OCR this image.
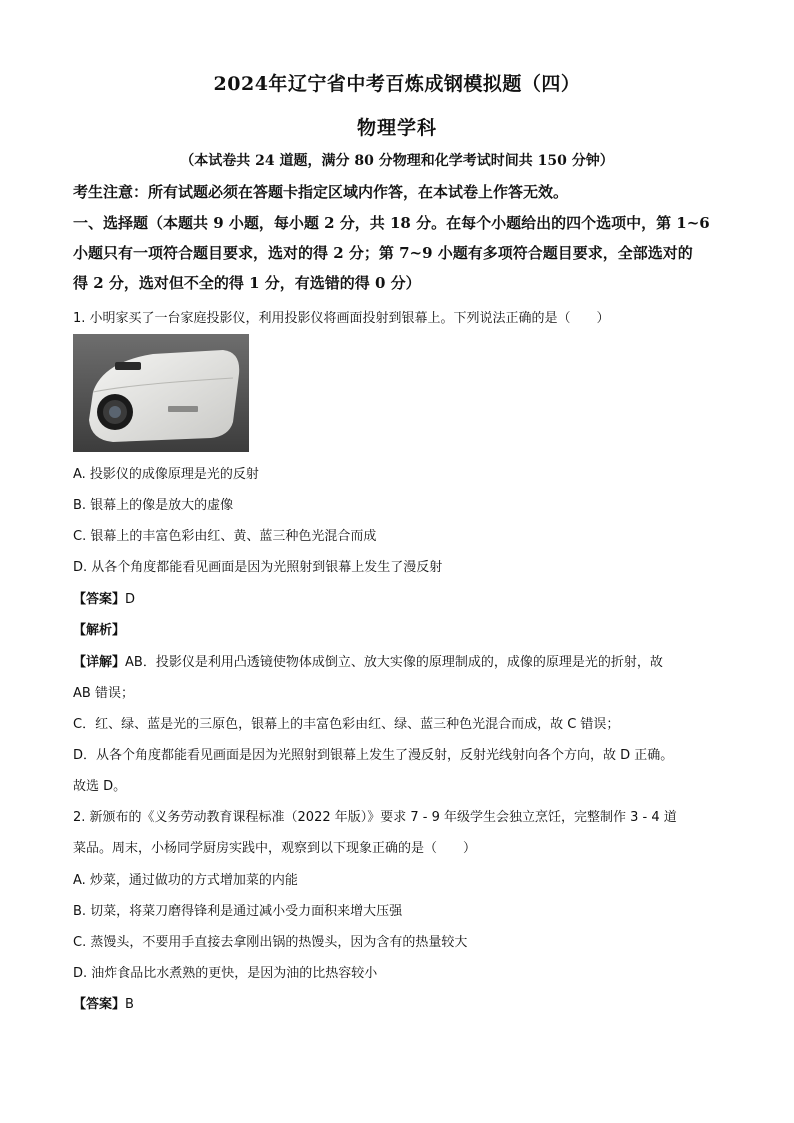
2024年辽宁省中考百炼成钢模拟题（四）
物理学科
（本试卷共 24 道题，满分 80 分物理和化学考试时间共 150 分钟）
考生注意：所有试题必须在答题卡指定区域内作答，在本试卷上作答无效。
一、选择题（本题共 9 小题，每小题 2 分，共 18 分。在每个小题给出的四个选项中，第 1~6
小题只有一项符合题目要求，选对的得 2 分；第 7~9 小题有多项符合题目要求，全部选对的
得 2 分，选对但不全的得 1 分，有选错的得 0 分）
1. 小明家买了一台家庭投影仪，利用投影仪将画面投射到银幕上。下列说法正确的是（　　）
A. 投影仪的成像原理是光的反射
B. 银幕上的像是放大的虚像
C. 银幕上的丰富色彩由红、黄、蓝三种色光混合而成
D. 从各个角度都能看见画面是因为光照射到银幕上发生了漫反射
【答案】D
【解析】
【详解】AB．投影仪是利用凸透镜使物体成倒立、放大实像的原理制成的，成像的原理是光的折射，故
AB 错误；
C．红、绿、蓝是光的三原色，银幕上的丰富色彩由红、绿、蓝三种色光混合而成，故 C 错误；
D．从各个角度都能看见画面是因为光照射到银幕上发生了漫反射，反射光线射向各个方向，故 D 正确。
故选 D。
2. 新颁布的《义务劳动教育课程标准（2022 年版）》要求 7 - 9 年级学生会独立烹饪，完整制作 3 - 4 道
菜品。周末，小杨同学厨房实践中，观察到以下现象正确的是（　　）
A. 炒菜，通过做功的方式增加菜的内能
B. 切菜，将菜刀磨得锋利是通过减小受力面积来增大压强
C. 蒸馒头，不要用手直接去拿刚出锅的热馒头，因为含有的热量较大
D. 油炸食品比水煮熟的更快，是因为油的比热容较小
【答案】B
